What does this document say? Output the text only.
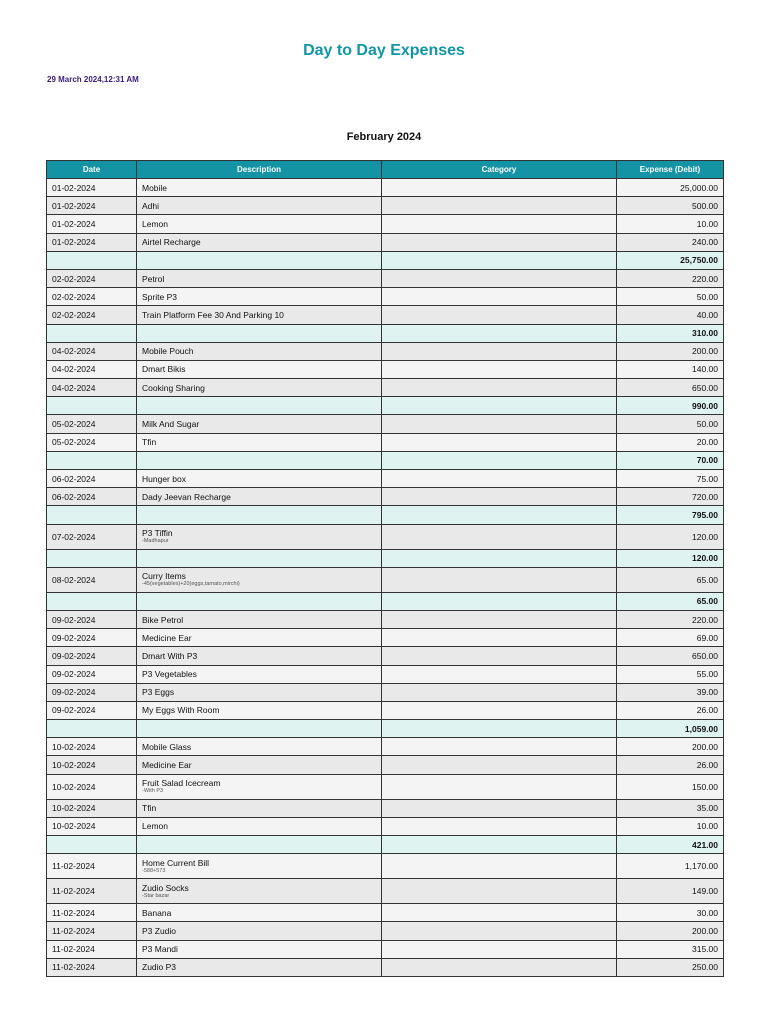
Day to Day Expenses
29 March 2024,12:31 AM
February 2024
Date	Description	Category	Expense (Debit)
01-02-2024	Mobile		25,000.00
01-02-2024	Adhi		500.00
01-02-2024	Lemon		10.00
01-02-2024	Airtel Recharge		240.00
			25,750.00
02-02-2024	Petrol		220.00
02-02-2024	Sprite P3		50.00
02-02-2024	Train Platform Fee 30 And Parking 10		40.00
			310.00
04-02-2024	Mobile Pouch		200.00
04-02-2024	Dmart Bikis		140.00
04-02-2024	Cooking Sharing		650.00
			990.00
05-02-2024	Milk And Sugar		50.00
05-02-2024	Tfin		20.00
			70.00
06-02-2024	Hunger box		75.00
06-02-2024	Dady Jeevan Recharge		720.00
			795.00
07-02-2024	P3 Tiffin
-Madhapur		120.00
			120.00
08-02-2024	Curry Items
-45(vegetables)+20(eggs,tamato,mirchi)		65.00
			65.00
09-02-2024	Bike Petrol		220.00
09-02-2024	Medicine Ear		69.00
09-02-2024	Dmart With P3		650.00
09-02-2024	P3 Vegetables		55.00
09-02-2024	P3 Eggs		39.00
09-02-2024	My Eggs With Room		26.00
			1,059.00
10-02-2024	Mobile Glass		200.00
10-02-2024	Medicine Ear		26.00
10-02-2024	Fruit Salad Icecream
-With P3		150.00
10-02-2024	Tfin		35.00
10-02-2024	Lemon		10.00
			421.00
11-02-2024	Home Current Bill
-588+573		1,170.00
11-02-2024	Zudio Socks
-Star bazar		149.00
11-02-2024	Banana		30.00
11-02-2024	P3 Zudio		200.00
11-02-2024	P3 Mandi		315.00
11-02-2024	Zudio P3		250.00
